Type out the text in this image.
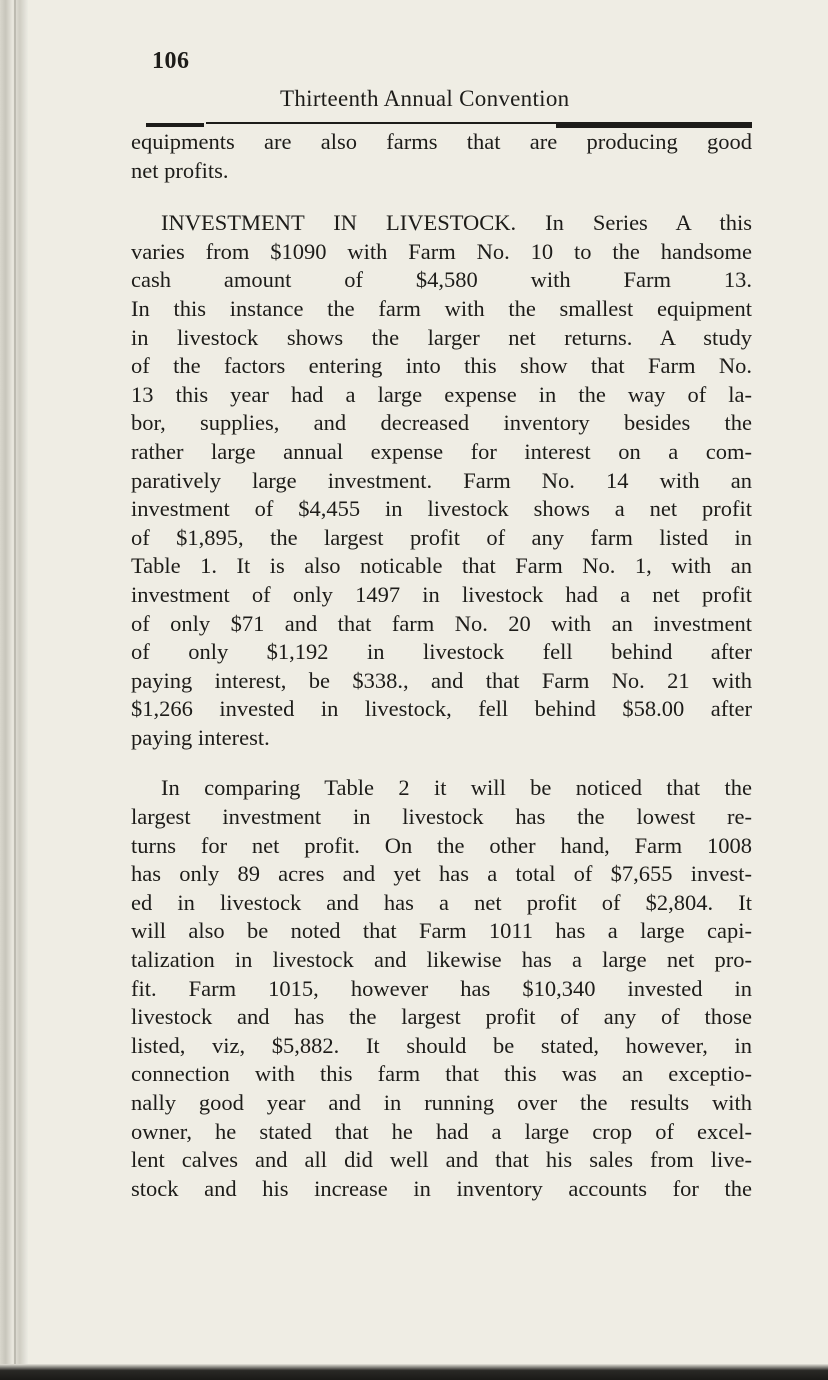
106
Thirteenth Annual Convention
equipments are also farms that are producing good
net profits.
INVESTMENT IN LIVESTOCK. In Series A this
varies from $1090 with Farm No. 10 to the handsome
cash amount of $4,580 with Farm 13.
In this instance the farm with the smallest equipment
in livestock shows the larger net returns. A study
of the factors entering into this show that Farm No.
13 this year had a large expense in the way of la-
bor, supplies, and decreased inventory besides the
rather large annual expense for interest on a com-
paratively large investment. Farm No. 14 with an
investment of $4,455 in livestock shows a net profit
of $1,895, the largest profit of any farm listed in
Table 1. It is also noticable that Farm No. 1, with an
investment of only 1497 in livestock had a net profit
of only $71 and that farm No. 20 with an investment
of only $1,192 in livestock fell behind after
paying interest, be $338., and that Farm No. 21 with
$1,266 invested in livestock, fell behind $58.00 after
paying interest.
In comparing Table 2 it will be noticed that the
largest investment in livestock has the lowest re-
turns for net profit. On the other hand, Farm 1008
has only 89 acres and yet has a total of $7,655 invest-
ed in livestock and has a net profit of $2,804. It
will also be noted that Farm 1011 has a large capi-
talization in livestock and likewise has a large net pro-
fit. Farm 1015, however has $10,340 invested in
livestock and has the largest profit of any of those
listed, viz, $5,882. It should be stated, however, in
connection with this farm that this was an exceptio-
nally good year and in running over the results with
owner, he stated that he had a large crop of excel-
lent calves and all did well and that his sales from live-
stock and his increase in inventory accounts for the
